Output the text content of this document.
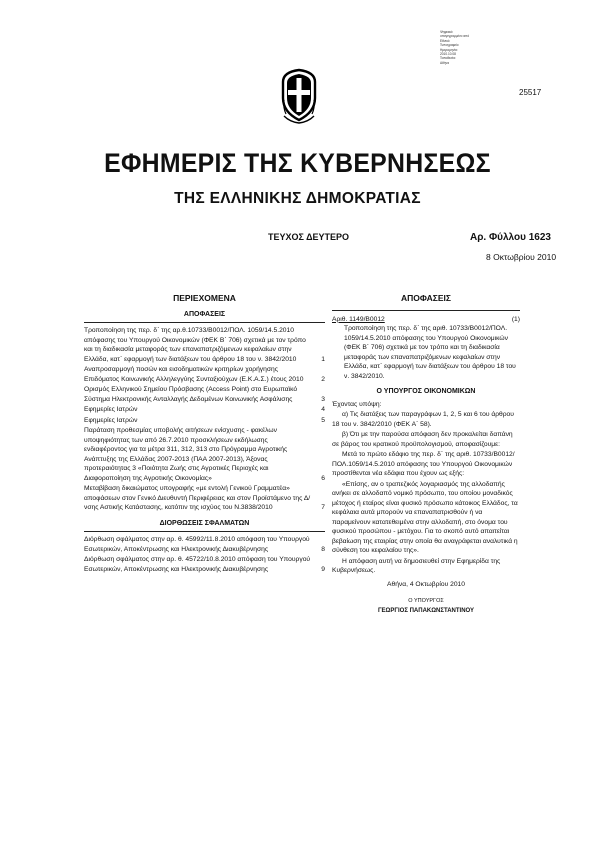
Ψηφιακά
υπογεγραμμένο από
Εθνικό
Τυπογραφείο
Ημερομηνία:
2010.10.08
Τοποθεσία:
Αθήνα
25517
ΕΦΗΜΕΡΙΣ ΤΗΣ ΚΥΒΕΡΝΗΣΕΩΣ
ΤΗΣ ΕΛΛΗΝΙΚΗΣ ΔΗΜΟΚΡΑΤΙΑΣ
ΤΕΥΧΟΣ ΔΕΥΤΕΡΟ	Αρ. Φύλλου 1623
8 Οκτωβρίου 2010
ΠΕΡΙΕΧΟΜΕΝΑ
ΑΠΟΦΑΣΕΙΣ
Τροποποίηση της περ. δ΄ της αρ.θ.10733/Β0012/ΠΟΛ. 1059/14.5.2010 απόφασης του Υπουργού Οικονομικών (ΦΕΚ Β΄ 706) σχετικά με τον τρόπο και τη διαδικασία μεταφοράς των επαναπατριζόμενων κεφαλαίων στην Ελλάδα, κατ΄ εφαρμογή των διατάξεων του άρθρου 18 του ν. 3842/2010	1
Αναπροσαρμογή ποσών και εισοδηματικών κριτηρίων χορήγησης Επιδόματος Κοινωνικής Αλληλεγγύης Συνταξιούχων (Ε.Κ.Α.Σ.) έτους 2010	2
Ορισμός Ελληνικού Σημείου Πρόσβασης (Access Point) στο Ευρωπαϊκό Σύστημα Ηλεκτρονικής Ανταλλαγής Δεδομένων Κοινωνικής Ασφάλισης	3
Εφημερίες Ιατρών	4
Εφημερίες Ιατρών	5
Παράταση προθεσμίας υποβολής αιτήσεων ενίσχυσης - φακέλων υποψηφιότητας των από 26.7.2010 προσκλήσεων εκδήλωσης ενδιαφέροντος για τα μέτρα 311, 312, 313 στο Πρόγραμμα Αγροτικής Ανάπτυξης της Ελλάδας 2007-2013 (ΠΑΑ 2007-2013), Άξονας προτεραιότητας 3 «Ποιότητα Ζωής στις Αγροτικές Περιοχές και Διαφοροποίηση της Αγροτικής Οικονομίας»	6
Μεταβίβαση δικαιώματος υπογραφής «με εντολή Γενικού Γραμματέα» αποφάσεων στον Γενικό Διευθυντή Περιφέρειας και στον Προϊστάμενο της Δ/νσης Αστικής Κατάστασης, κατόπιν της ισχύος του Ν.3838/2010	7
ΔΙΟΡΘΩΣΕΙΣ ΣΦΑΛΜΑΤΩΝ
Διόρθωση σφάλματος στην αρ. θ. 45992/11.8.2010 απόφαση του Υπουργού Εσωτερικών, Αποκέντρωσης και Ηλεκτρονικής Διακυβέρνησης	8
Διόρθωση σφάλματος στην αρ. θ. 45722/10.8.2010 απόφαση του Υπουργού Εσωτερικών, Αποκέντρωσης και Ηλεκτρονικής Διακυβέρνησης	9
ΑΠΟΦΑΣΕΙΣ
Αριθ. 1149/Β0012	(1)
Τροποποίηση της περ. δ΄ της αριθ. 10733/Β0012/ΠΟΛ. 1059/14.5.2010 απόφασης του Υπουργού Οικονομικών (ΦΕΚ Β΄ 706) σχετικά με τον τρόπο και τη διαδικασία μεταφοράς των επαναπατριζόμενων κεφαλαίων στην Ελλάδα, κατ΄ εφαρμογή των διατάξεων του άρθρου 18 του ν. 3842/2010.
Ο ΥΠΟΥΡΓΟΣ ΟΙΚΟΝΟΜΙΚΩΝ
Έχοντας υπόψη:
α) Τις διατάξεις των παραγράφων 1, 2, 5 και 6 του άρθρου 18 του ν. 3842/2010 (ΦΕΚ Α΄ 58).
β) Ότι με την παρούσα απόφαση δεν προκαλείται δαπάνη σε βάρος του κρατικού προϋπολογισμού, αποφασίζουμε:
Μετά το πρώτο εδάφιο της περ. δ΄ της αριθ. 10733/Β0012/ΠΟΛ.1059/14.5.2010 απόφασης του Υπουργού Οικονομικών προστίθενται νέα εδάφια που έχουν ως εξής:
«Επίσης, αν ο τραπεζικός λογαριασμός της αλλοδαπής ανήκει σε αλλοδαπό νομικό πρόσωπο, του οποίου μοναδικός μέτοχος ή εταίρος είναι φυσικό πρόσωπο κάτοικος Ελλάδος, τα κεφάλαια αυτά μπορούν να επαναπατρισθούν ή να παραμείνουν κατατεθειμένα στην αλλοδαπή, στο όνομα του φυσικού προσώπου - μετόχου. Για το σκοπό αυτό απαιτείται βεβαίωση της εταιρίας στην οποία θα αναγράφεται αναλυτικά η σύνθεση του κεφαλαίου της».
Η απόφαση αυτή να δημοσιευθεί στην Εφημερίδα της Κυβερνήσεως.
Αθήνα, 4 Οκτωβρίου 2010
Ο ΥΠΟΥΡΓΟΣ
ΓΕΩΡΓΙΟΣ ΠΑΠΑΚΩΝΣΤΑΝΤΙΝΟΥ
